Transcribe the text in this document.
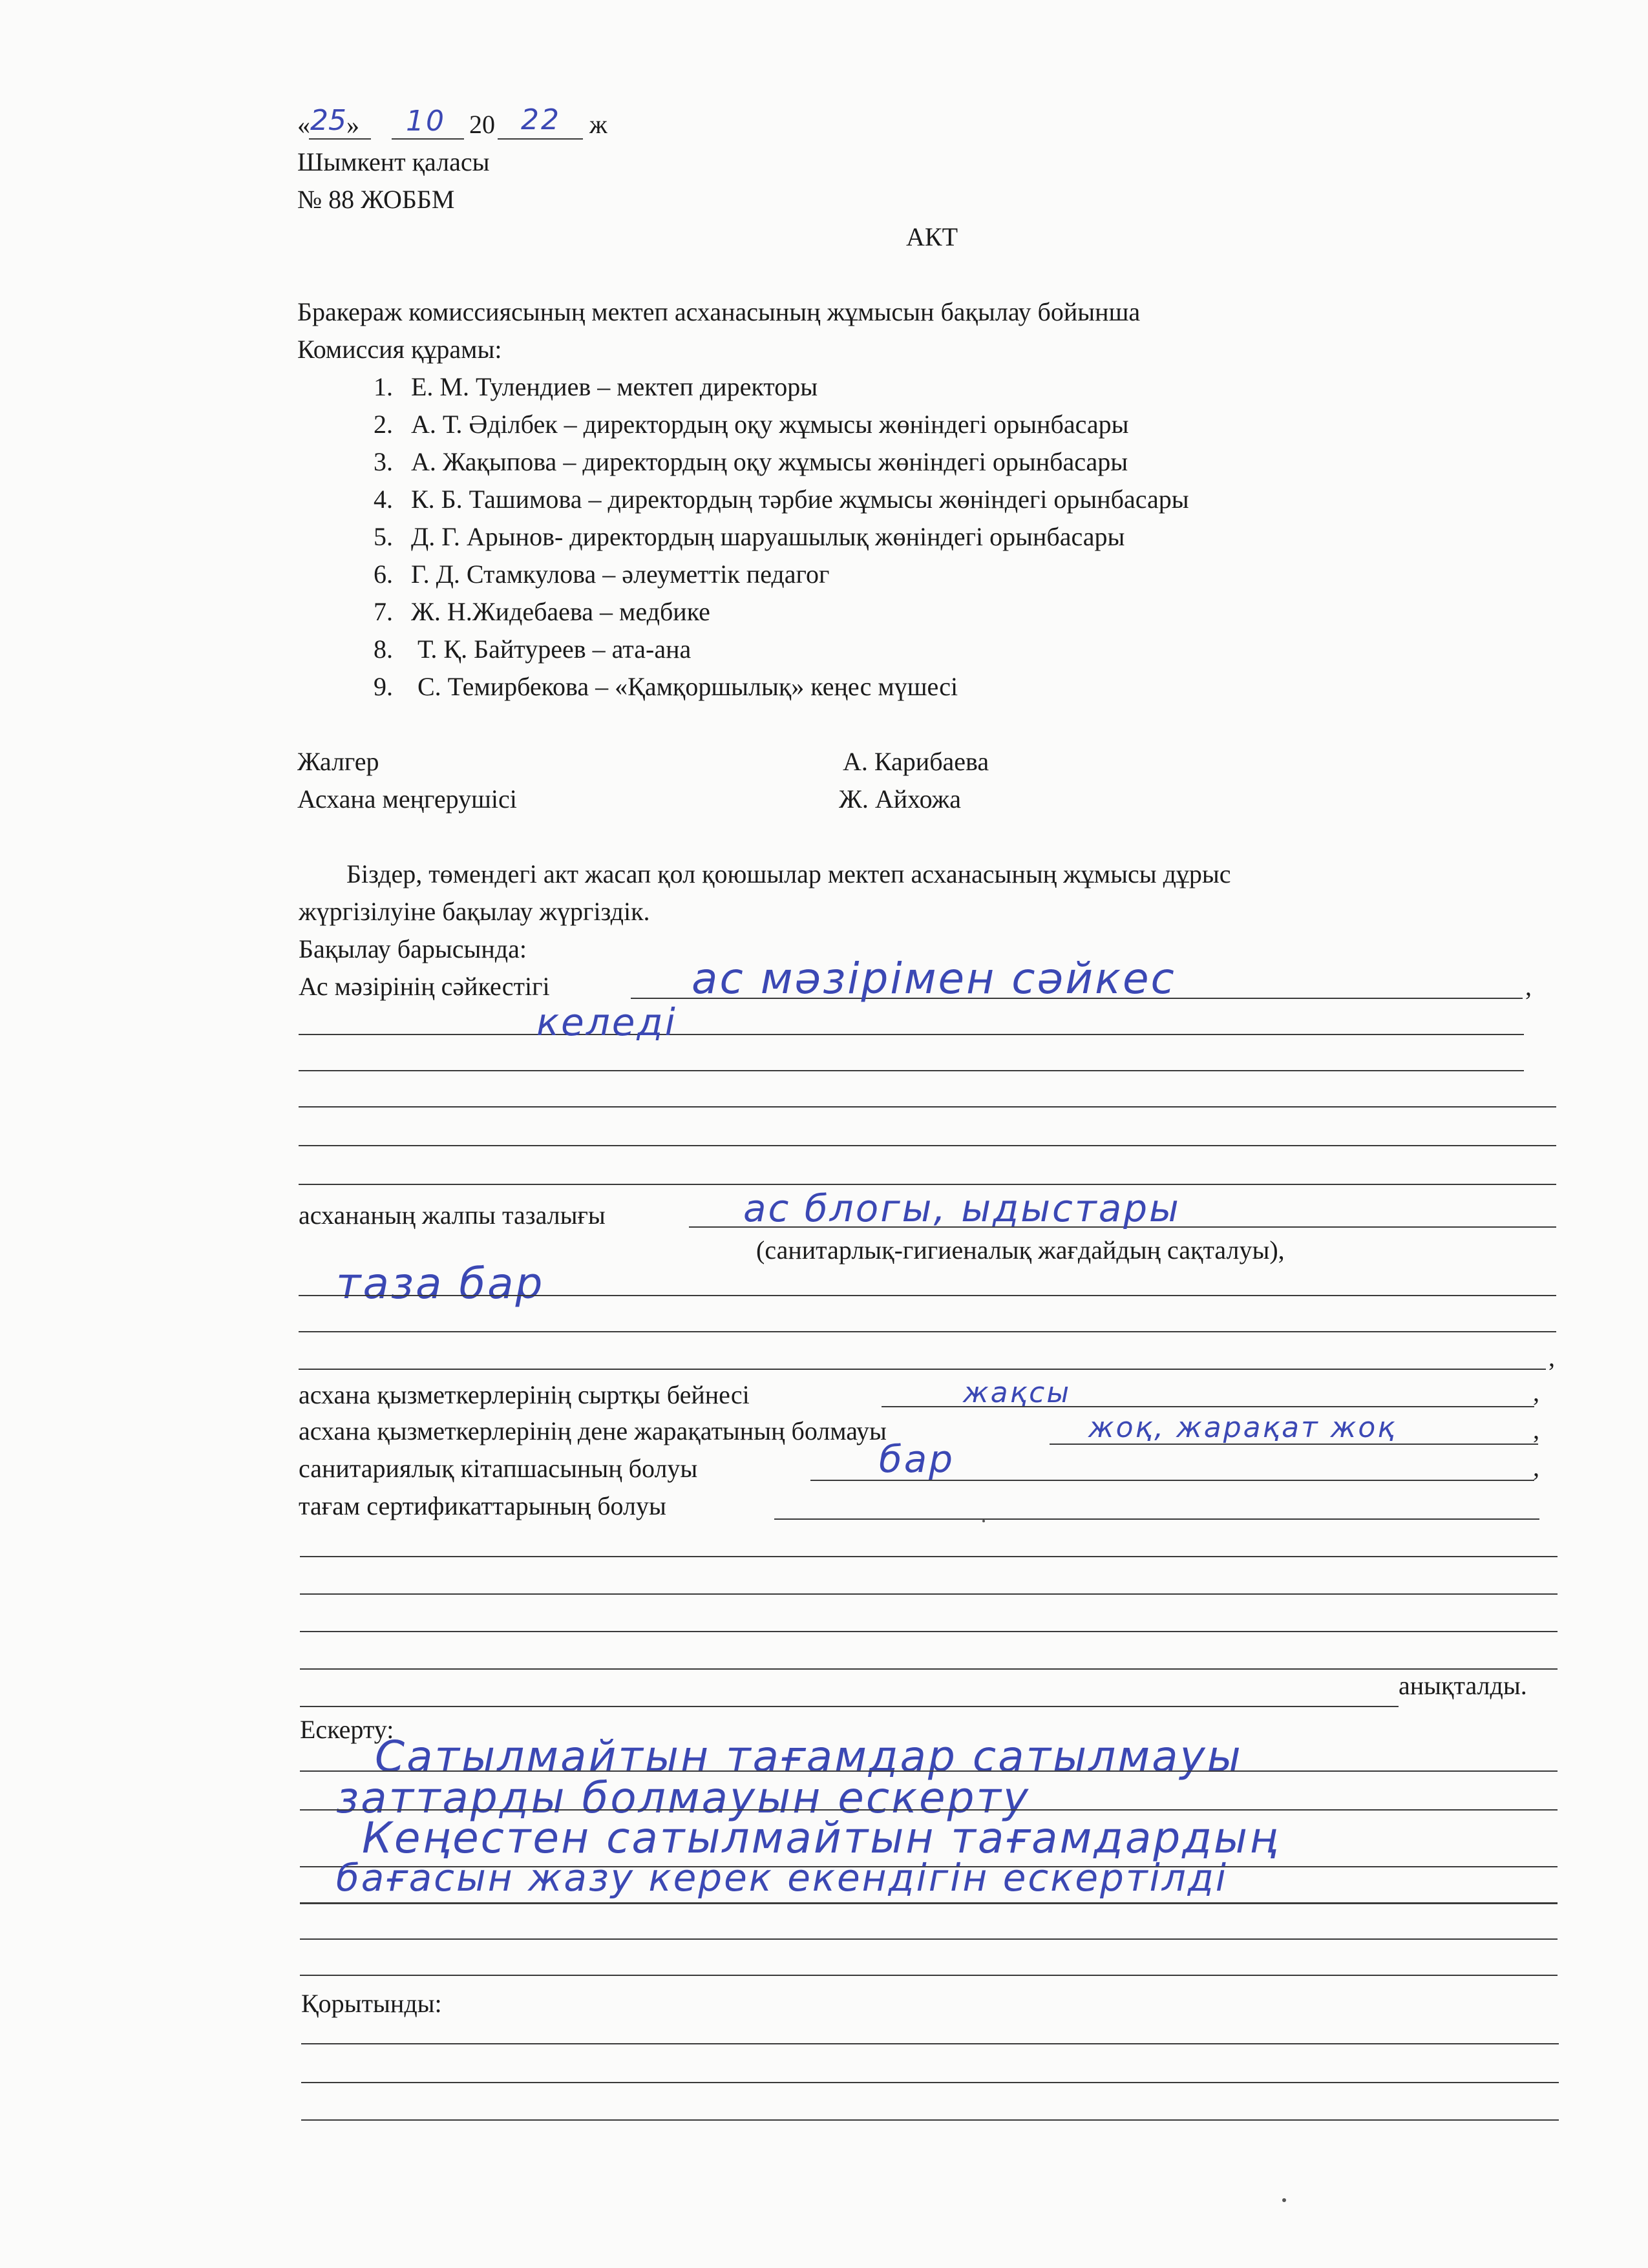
«25» 10 20 22 ж
Шымкент қаласы
№ 88 ЖОББМ
АКТ
Бракераж комиссиясының мектеп асханасының жұмысын бақылау бойынша
Комиссия құрамы:
1. Е. М. Тулендиев – мектеп директоры
2. А. Т. Әділбек – директордың оқу жұмысы жөніндегі орынбасары
3. А. Жақыпова – директордың оқу жұмысы жөніндегі орынбасары
4. К. Б. Ташимова – директордың тәрбие жұмысы жөніндегі орынбасары
5. Д. Г. Арынов- директордың шаруашылық жөніндегі орынбасары
6. Г. Д. Стамкулова – әлеуметтік педагог
7. Ж. Н.Жидебаева – медбике
8. Т. Қ. Байтуреев – ата-ана
9. С. Темирбекова – «Қамқоршылық» кеңес мүшесі
Жалгер	А. Карибаева
Асхана меңгерушісі	Ж. Айхожа
Біздер, төмендегі акт жасап қол қоюшылар мектеп асханасының жұмысы дұрыс
жүргізілуіне бақылау жүргіздік.
Бақылау барысында:
Ас мәзірінің сәйкестігі	,
ас мәзірімен сәйкес
келеді
асхананың жалпы тазалығы	ас блогы, ыдыстары
(санитарлық-гигиеналық жағдайдың сақталуы),
таза бар
,
асхана қызметкерлерінің сыртқы бейнесі	жақсы	,
асхана қызметкерлерінің дене жарақатының болмауы	жоқ, жарақат жоқ	,
санитариялық кітапшасының болуы	бар	,
тағам сертификаттарының болуы
анықталды.
Ескерту:
Сатылмайтын тағамдар сатылмауы
заттарды болмауын ескерту
Кеңестен сатылмайтын тағамдардың
бағасын жазу керек екендігін ескертілді
Қорытынды:
